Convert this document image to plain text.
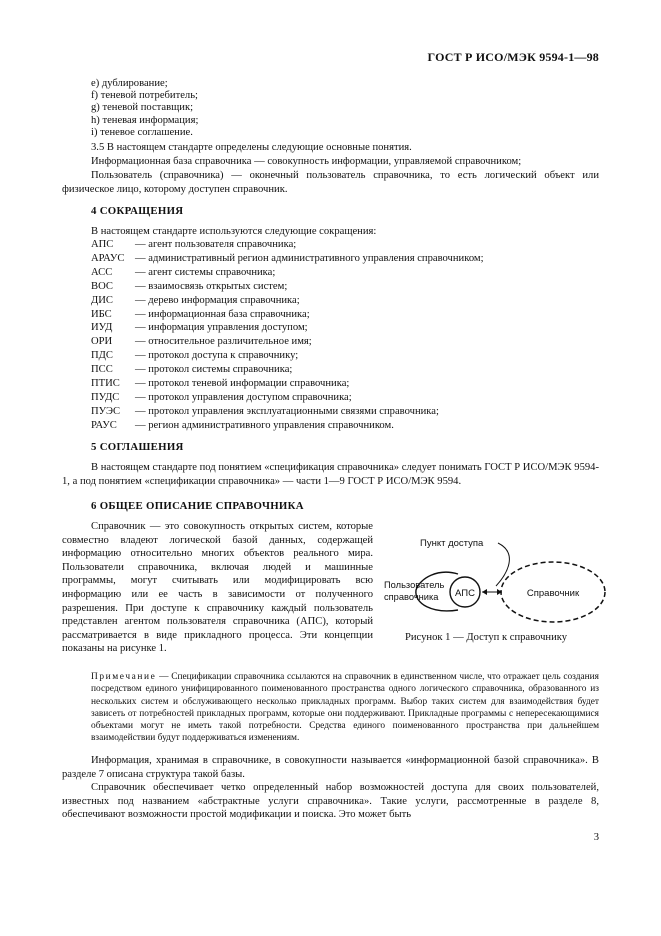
ГОСТ Р ИСО/МЭК 9594-1—98
e) дублирование;
f) теневой потребитель;
g) теневой поставщик;
h) теневая информация;
i) теневое соглашение.

3.5 В настоящем стандарте определены следующие основные понятия.

Информационная база справочника — совокупность информации, управляемой справочником;

Пользователь (справочника) — оконечный пользователь справочника, то есть логический объект или физическое лицо, которому доступен справочник.

4 СОКРАЩЕНИЯ

В настоящем стандарте используются следующие сокращения:

АПС — агент пользователя справочника;
АРАУС — административный регион административного управления справочником;
АСС — агент системы справочника;
ВОС — взаимосвязь открытых систем;
ДИС — дерево информация справочника;
ИБС — информационная база справочника;
ИУД — информация управления доступом;
ОРИ — относительное различительное имя;
ПДС — протокол доступа к справочнику;
ПСС — протокол системы справочника;
ПТИС — протокол теневой информации справочника;
ПУДС — протокол управления доступом справочника;
ПУЭС — протокол управления эксплуатационными связями справочника;
РАУС — регион административного управления справочником.
5 СОГЛАШЕНИЯ

В настоящем стандарте под понятием «спецификация справочника» следует понимать ГОСТ Р ИСО/МЭК 9594-1, а под понятием «спецификации справочника» — части 1—9 ГОСТ Р ИСО/МЭК 9594.

6 ОБЩЕЕ ОПИСАНИЕ СПРАВОЧНИКА

Справочник — это совокупность открытых систем, которые совместно владеют логической базой данных, содержащей информацию относительно многих объектов реального мира. Пользователи справочника, включая людей и машинные программы, могут считывать или модифицировать всю информацию или ее часть в зависимости от полученного разрешения. При доступе к справочнику каждый пользователь представлен агентом пользователя справочника (АПС), который рассматривается в виде прикладного процесса. Эти концепции показаны на рисунке 1.

Пункт доступа
АПС
Пользователь
справочника	Справочник
Рисунок 1 — Доступ к справочнику

Примечание — Спецификации справочника ссылаются на справочник в единственном числе, что отражает цель создания посредством единого унифицированного поименованного пространства одного логического справочника, образованного из нескольких систем и обслуживающего несколько прикладных программ. Выбор таких систем для взаимодействия будет зависеть от потребностей прикладных программ, которые они поддерживают. Прикладные программы с непересекающимися объектами могут не иметь такой потребности. Средства единого поименованного пространства при дальнейшем взаимодействии будут поддерживаться изменениям.

Информация, хранимая в справочнике, в совокупности называется «информационной базой справочника». В разделе 7 описана структура такой базы.

Справочник обеспечивает четко определенный набор возможностей доступа для своих пользователей, известных под названием «абстрактные услуги справочника». Такие услуги, рассмотренные в разделе 8, обеспечивают возможности простой модификации и поиска. Это может быть

3
